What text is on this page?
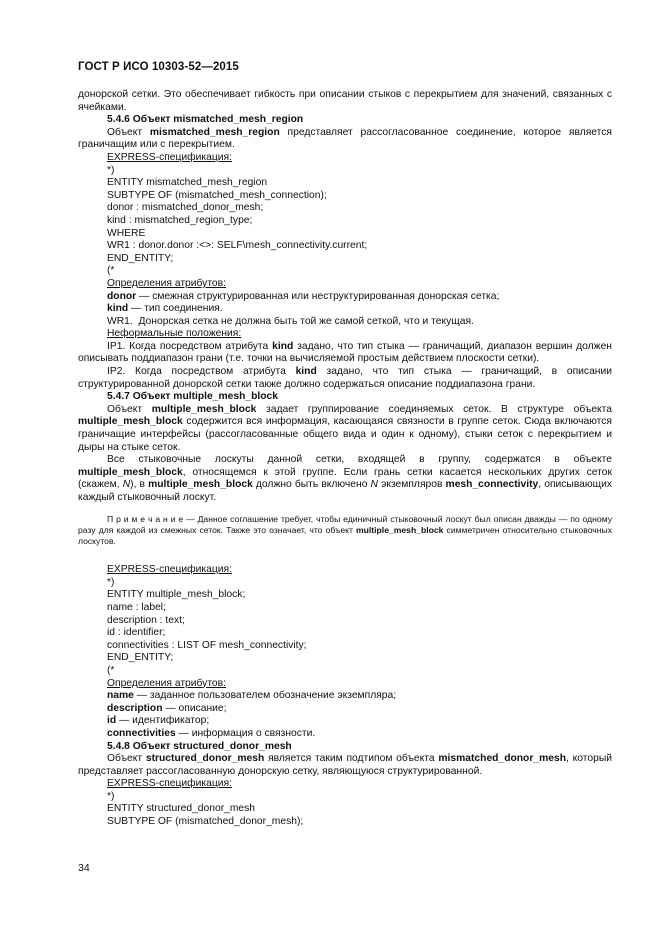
ГОСТ Р ИСО 10303-52—2015

донорской сетки. Это обеспечивает гибкость при описании стыков с перекрытием для значений, связанных с ячейками.

5.4.6 Объект mismatched_mesh_region

Объект mismatched_mesh_region представляет рассогласованное соединение, которое является граничащим или с перекрытием.

EXPRESS-спецификация:

*)

ENTITY mismatched_mesh_region

SUBTYPE OF (mismatched_mesh_connection);

donor : mismatched_donor_mesh;

kind : mismatched_region_type;

WHERE

WR1 : donor.donor :<>: SELF\mesh_connectivity.current;

END_ENTITY;

(*

Определения атрибутов:

donor — смежная структурированная или неструктурированная донорская сетка;

kind — тип соединения.

WR1.  Донорская сетка не должна быть той же самой сеткой, что и текущая.

Неформальные положения:

IP1. Когда посредством атрибута kind задано, что тип стыка — граничащий, диапазон вершин должен описывать поддиапазон грани (т.е. точки на вычисляемой простым действием плоскости сетки).

IP2. Когда посредством атрибута kind задано, что тип стыка — граничащий, в описании структурированной донорской сетки также должно содержаться описание поддиапазона грани.

5.4.7 Объект multiple_mesh_block

Объект multiple_mesh_block задает группирование соединяемых сеток. В структуре объекта multiple_mesh_block содержится вся информация, касающаяся связности в группе сеток. Сюда включаются граничащие интерфейсы (рассогласованные общего вида и один к одному), стыки сеток с перекрытием и дыры на стыке сеток.

Все стыковочные лоскуты данной сетки, входящей в группу, содержатся в объекте multiple_mesh_block, относящемся к этой группе. Если грань сетки касается нескольких других сеток (скажем, N), в multiple_mesh_block должно быть включено N экземпляров mesh_connectivity, описывающих каждый стыковочный лоскут.

П р и м е ч а н и е — Данное соглашение требует, чтобы единичный стыковочный лоскут был описан дважды — по одному разу для каждой из смежных сеток. Также это означает, что объект multiple_mesh_block симметричен относительно стыковочных лоскутов.

EXPRESS-спецификация:

*)

ENTITY multiple_mesh_block;

name : label;

description : text;

id : identifier;

connectivities : LIST OF mesh_connectivity;

END_ENTITY;

(*

Определения атрибутов:

name — заданное пользователем обозначение экземпляра;

description — описание;

id — идентификатор;

connectivities — информация о связности.

5.4.8 Объект structured_donor_mesh

Объект structured_donor_mesh является таким подтипом объекта mismatched_donor_mesh, который представляет рассогласованную донорскую сетку, являющуюся структурированной.

EXPRESS-спецификация:

*)

ENTITY structured_donor_mesh

SUBTYPE OF (mismatched_donor_mesh);

34
